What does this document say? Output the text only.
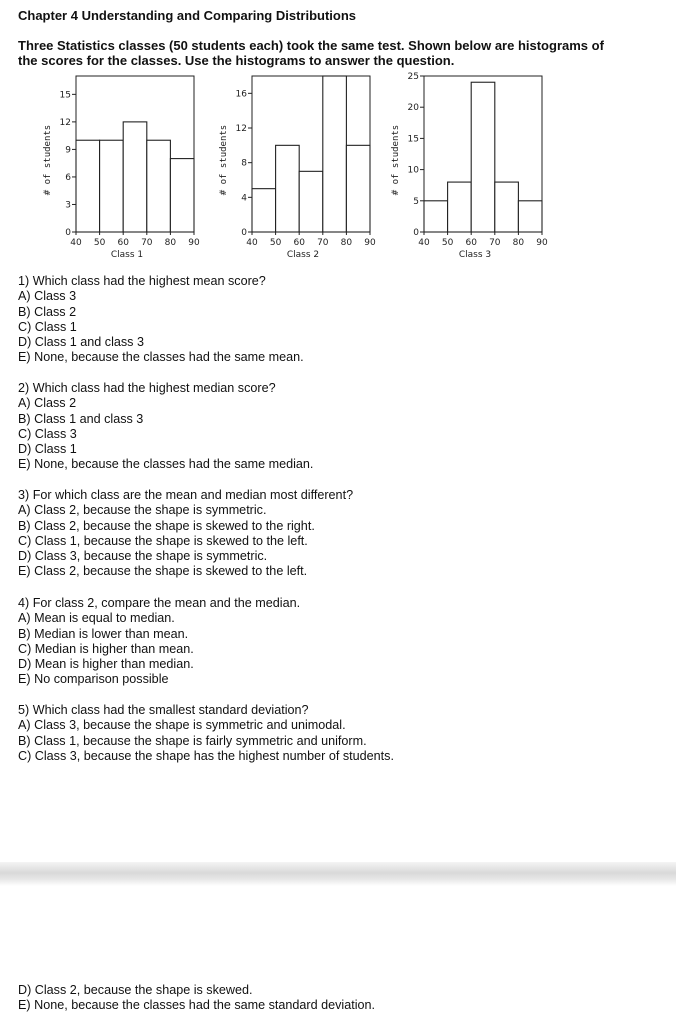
Chapter 4 Understanding and Comparing Distributions
Three Statistics classes (50 students each) took the same test. Shown below are histograms of
the scores for the classes. Use the histograms to answer the question.
0
3
6
9
12
15
40 50 60 70 80 90
Class 1
# of students
0
4
8
12
16
40 50 60 70 80 90
Class 2
# of students
0
5
10
15
20
25
40 50 60 70 80 90
Class 3
# of students
1) Which class had the highest mean score?
A) Class 3
B) Class 2
C) Class 1
D) Class 1 and class 3
E) None, because the classes had the same mean.
2) Which class had the highest median score?
A) Class 2
B) Class 1 and class 3
C) Class 3
D) Class 1
E) None, because the classes had the same median.
3) For which class are the mean and median most different?
A) Class 2, because the shape is symmetric.
B) Class 2, because the shape is skewed to the right.
C) Class 1, because the shape is skewed to the left.
D) Class 3, because the shape is symmetric.
E) Class 2, because the shape is skewed to the left.
4) For class 2, compare the mean and the median.
A) Mean is equal to median.
B) Median is lower than mean.
C) Median is higher than mean.
D) Mean is higher than median.
E) No comparison possible
5) Which class had the smallest standard deviation?
A) Class 3, because the shape is symmetric and unimodal.
B) Class 1, because the shape is fairly symmetric and uniform.
C) Class 3, because the shape has the highest number of students.
D) Class 2, because the shape is skewed.
E) None, because the classes had the same standard deviation.
